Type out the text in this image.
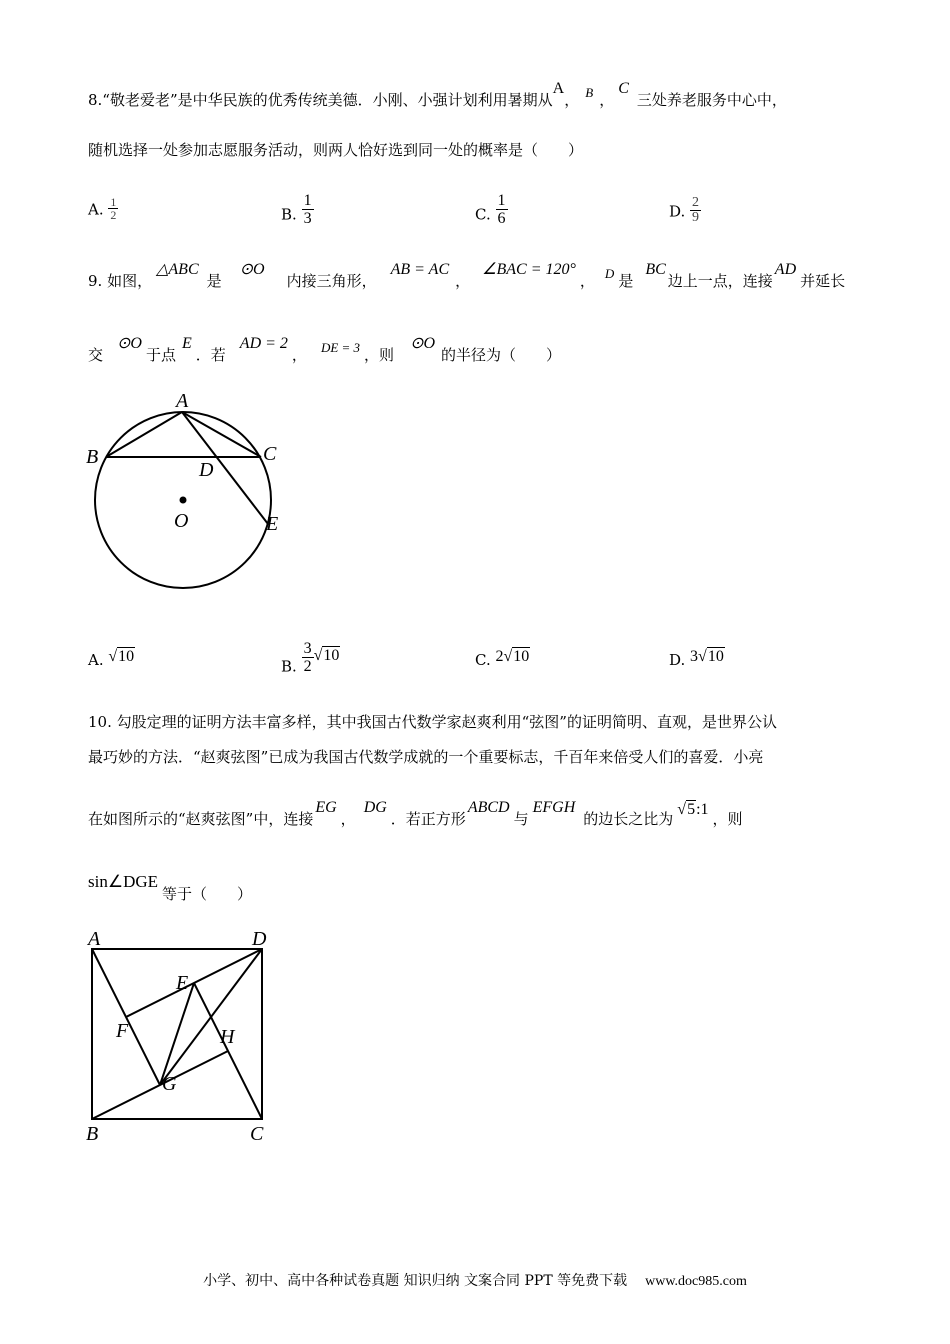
8.“敬老爱老”是中华民族的优秀传统美德．小刚、小强计划利用暑期从A， B ，C三处养老服务中心中，
随机选择一处参加志愿服务活动，则两人恰好选到同一处的概率是（　　）
A. $\frac{1}{2}$	B. $\frac{1}{3}$	C. $\frac{1}{6}$	D. $\frac{2}{9}$
9. 如图，△ABC是⊙O内接三角形，AB = AC，∠BAC = 120°， D 是BC边上一点，连接AD并延长
交⊙O于点E．若AD = 2， DE = 3 ，则⊙O的半径为（　　）
A
B	C
D
O	E
A. √10
B. $\frac{3}{2} √10$	C. 2√10	D. 3√10
10. 勾股定理的证明方法丰富多样，其中我国古代数学家赵爽利用“弦图”的证明简明、直观，是世界公认
最巧妙的方法．“赵爽弦图”已成为我国古代数学成就的一个重要标志，千百年来倍受人们的喜爱．小亮
在如图所示的“赵爽弦图”中，连接EG，DG．若正方形ABCD与EFGH的边长之比为√5:1，则
sin∠DGE等于（　　）
A	D
E
F	H
G
B	C
小学、初中、高中各种试卷真题 知识归纳 文案合同 PPT 等免费下载 www.doc985.com
